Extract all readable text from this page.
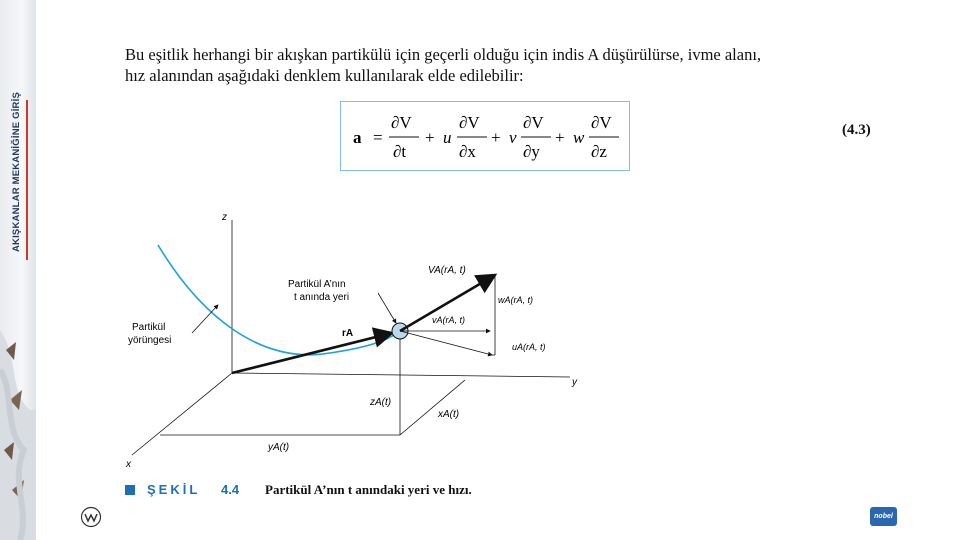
AKIŞKANLAR MEKANİĞİNE GİRİŞ
Bu eşitlik herhangi bir akışkan partikülü için geçerli olduğu için indis A düşürülürse, ivme alanı,
hız alanından aşağıdaki denklem kullanılarak elde edilebilir:
a =
∂V
∂t
+ u
∂V
∂x
+ v
∂V
∂y
+ w
∂V
∂z
(4.3)
z
y
x
Partikül A’nın
t anında yeri
Partikül
yörüngesi
rA
VA(rA, t)
wA(rA, t)
vA(rA, t)
uA(rA, t)
zA(t)
xA(t)
yA(t)
ŞEKİL 4.4 Partikül A’nın t anındaki yeri ve hızı.
nobel
